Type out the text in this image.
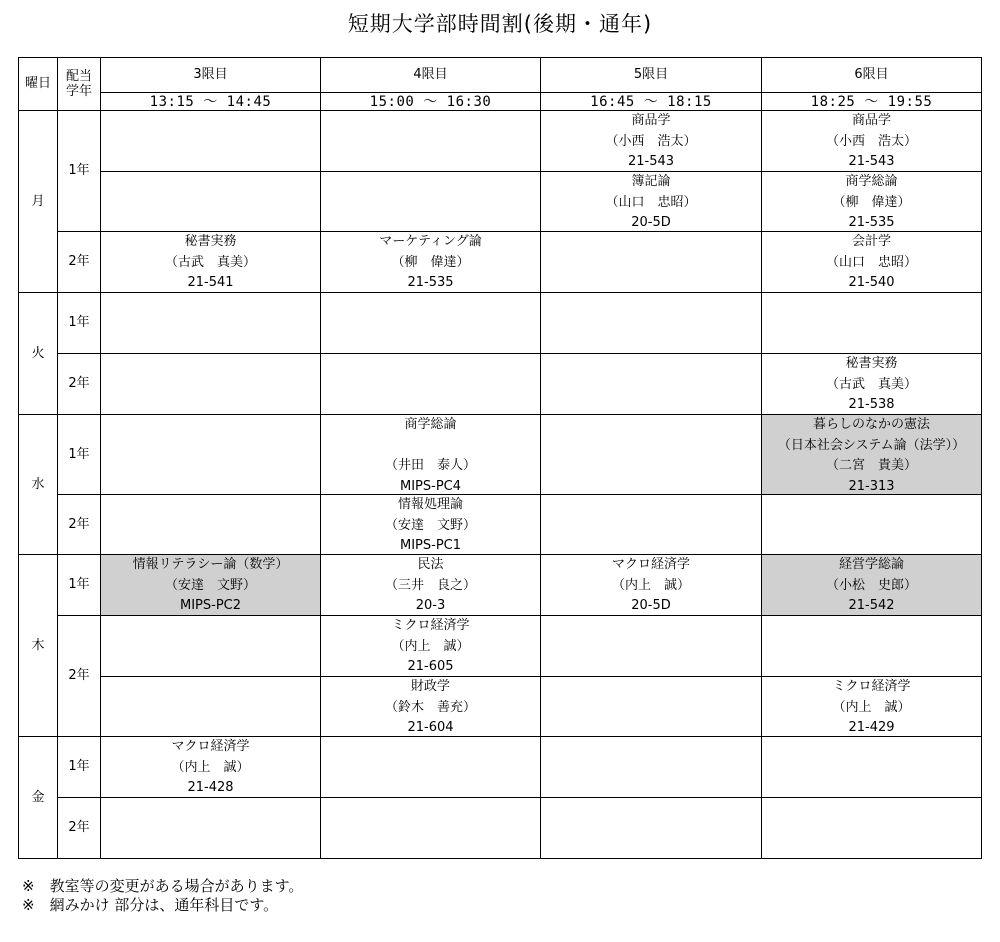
短期大学部時間割(後期・通年)
曜日 配当学年
3限目
13:15 ～ 14:45
4限目
15:00 ～ 16:30
5限目
16:45 ～ 18:15
6限目
18:25 ～ 19:55
月
1年
2年
火
1年
2年
水
1年
2年
木
1年
2年
金
1年
2年
商品学
（小西　浩太）
21-543
商品学
（小西　浩太）
21-543
簿記論
（山口　忠昭）
20-5D
商学総論
（柳　偉達）
21-535
秘書実務
（古武　真美）
21-541
マーケティング論
（柳　偉達）
21-535
会計学
（山口　忠昭）
21-540
秘書実務
（古武　真美）
21-538
商学総論

（井田　泰人）
MIPS-PC4
暮らしのなかの憲法
（日本社会システム論（法学））
（二宮　貴美）
21-313
情報処理論
（安達　文野）
MIPS-PC1
情報リテラシー論（数学）
（安達　文野）
MIPS-PC2
民法
（三井　良之）
20-3
マクロ経済学
（内上　誠）
20-5D
経営学総論
（小松　史郎）
21-542
ミクロ経済学
（内上　誠）
21-605
財政学
（鈴木　善充）
21-604
ミクロ経済学
（内上　誠）
21-429
マクロ経済学
（内上　誠）
21-428
※　教室等の変更がある場合があります。
※　網みかけ 部分は、通年科目です。
